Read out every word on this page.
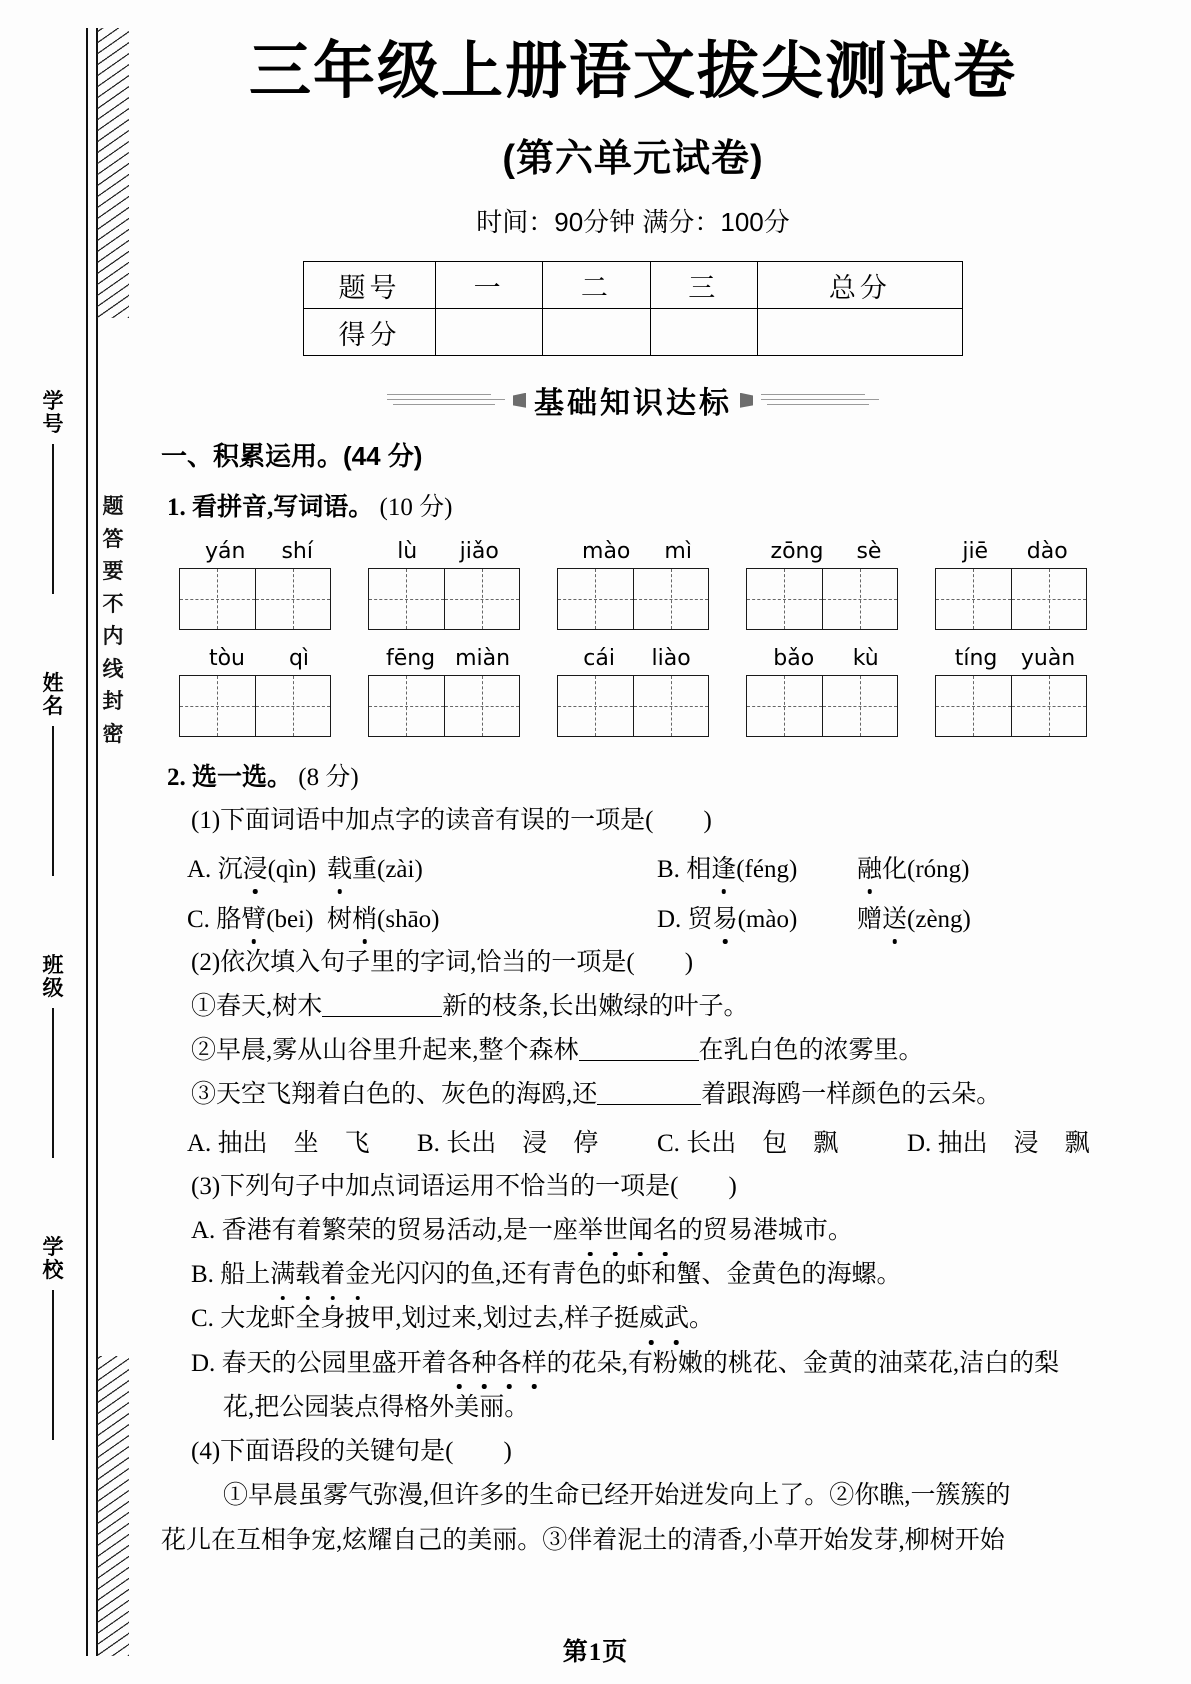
题
答
要
不
内
线
封
密
学
号
姓
名
班
级
学
校
三年级上册语文拔尖测试卷
(第六单元试卷)
时间：90分钟 满分：100分
题号	一	二	三	总分
得分				
基础知识达标
一、积累运用。(44 分)
1. 看拼音,写词语。 (10 分)
yán shí	lù jiǎo	mào mì	zōng sè	jiē dào
tòu qì	fēng miàn	cái liào	bǎo kù	tíng yuàn
2. 选一选。 (8 分)
(1)下面词语中加点字的读音有误的一项是(　　)
A. 沉浸(qìn) 载重(zài)	B. 相逢(féng)	融化(róng)
C. 胳臂(bei) 树梢(shāo)	D. 贸易(mào)	赠送(zèng)
(2)依次填入句子里的字词,恰当的一项是(　　)
①春天,树木	新的枝条,长出嫩绿的叶子。
②早晨,雾从山谷里升起来,整个森林	在乳白色的浓雾里。
③天空飞翔着白色的、灰色的海鸥,还	着跟海鸥一样颜色的云朵。
A. 抽出 坐 飞	B. 长出 浸 停	C. 长出 包 飘	D. 抽出 浸 飘
(3)下列句子中加点词语运用不恰当的一项是(　　)
A. 香港有着繁荣的贸易活动,是一座举世闻名的贸易港城市。
B. 船上满载着金光闪闪的鱼,还有青色的虾和蟹、金黄色的海螺。
C. 大龙虾全身披甲,划过来,划过去,样子挺威武。
D. 春天的公园里盛开着各种各样的花朵,有粉嫩的桃花、金黄的油菜花,洁白的梨
花,把公园装点得格外美丽。
(4)下面语段的关键句是(　　)
①早晨虽雾气弥漫,但许多的生命已经开始迸发向上了。②你瞧,一簇簇的
花儿在互相争宠,炫耀自己的美丽。③伴着泥土的清香,小草开始发芽,柳树开始
第1页
